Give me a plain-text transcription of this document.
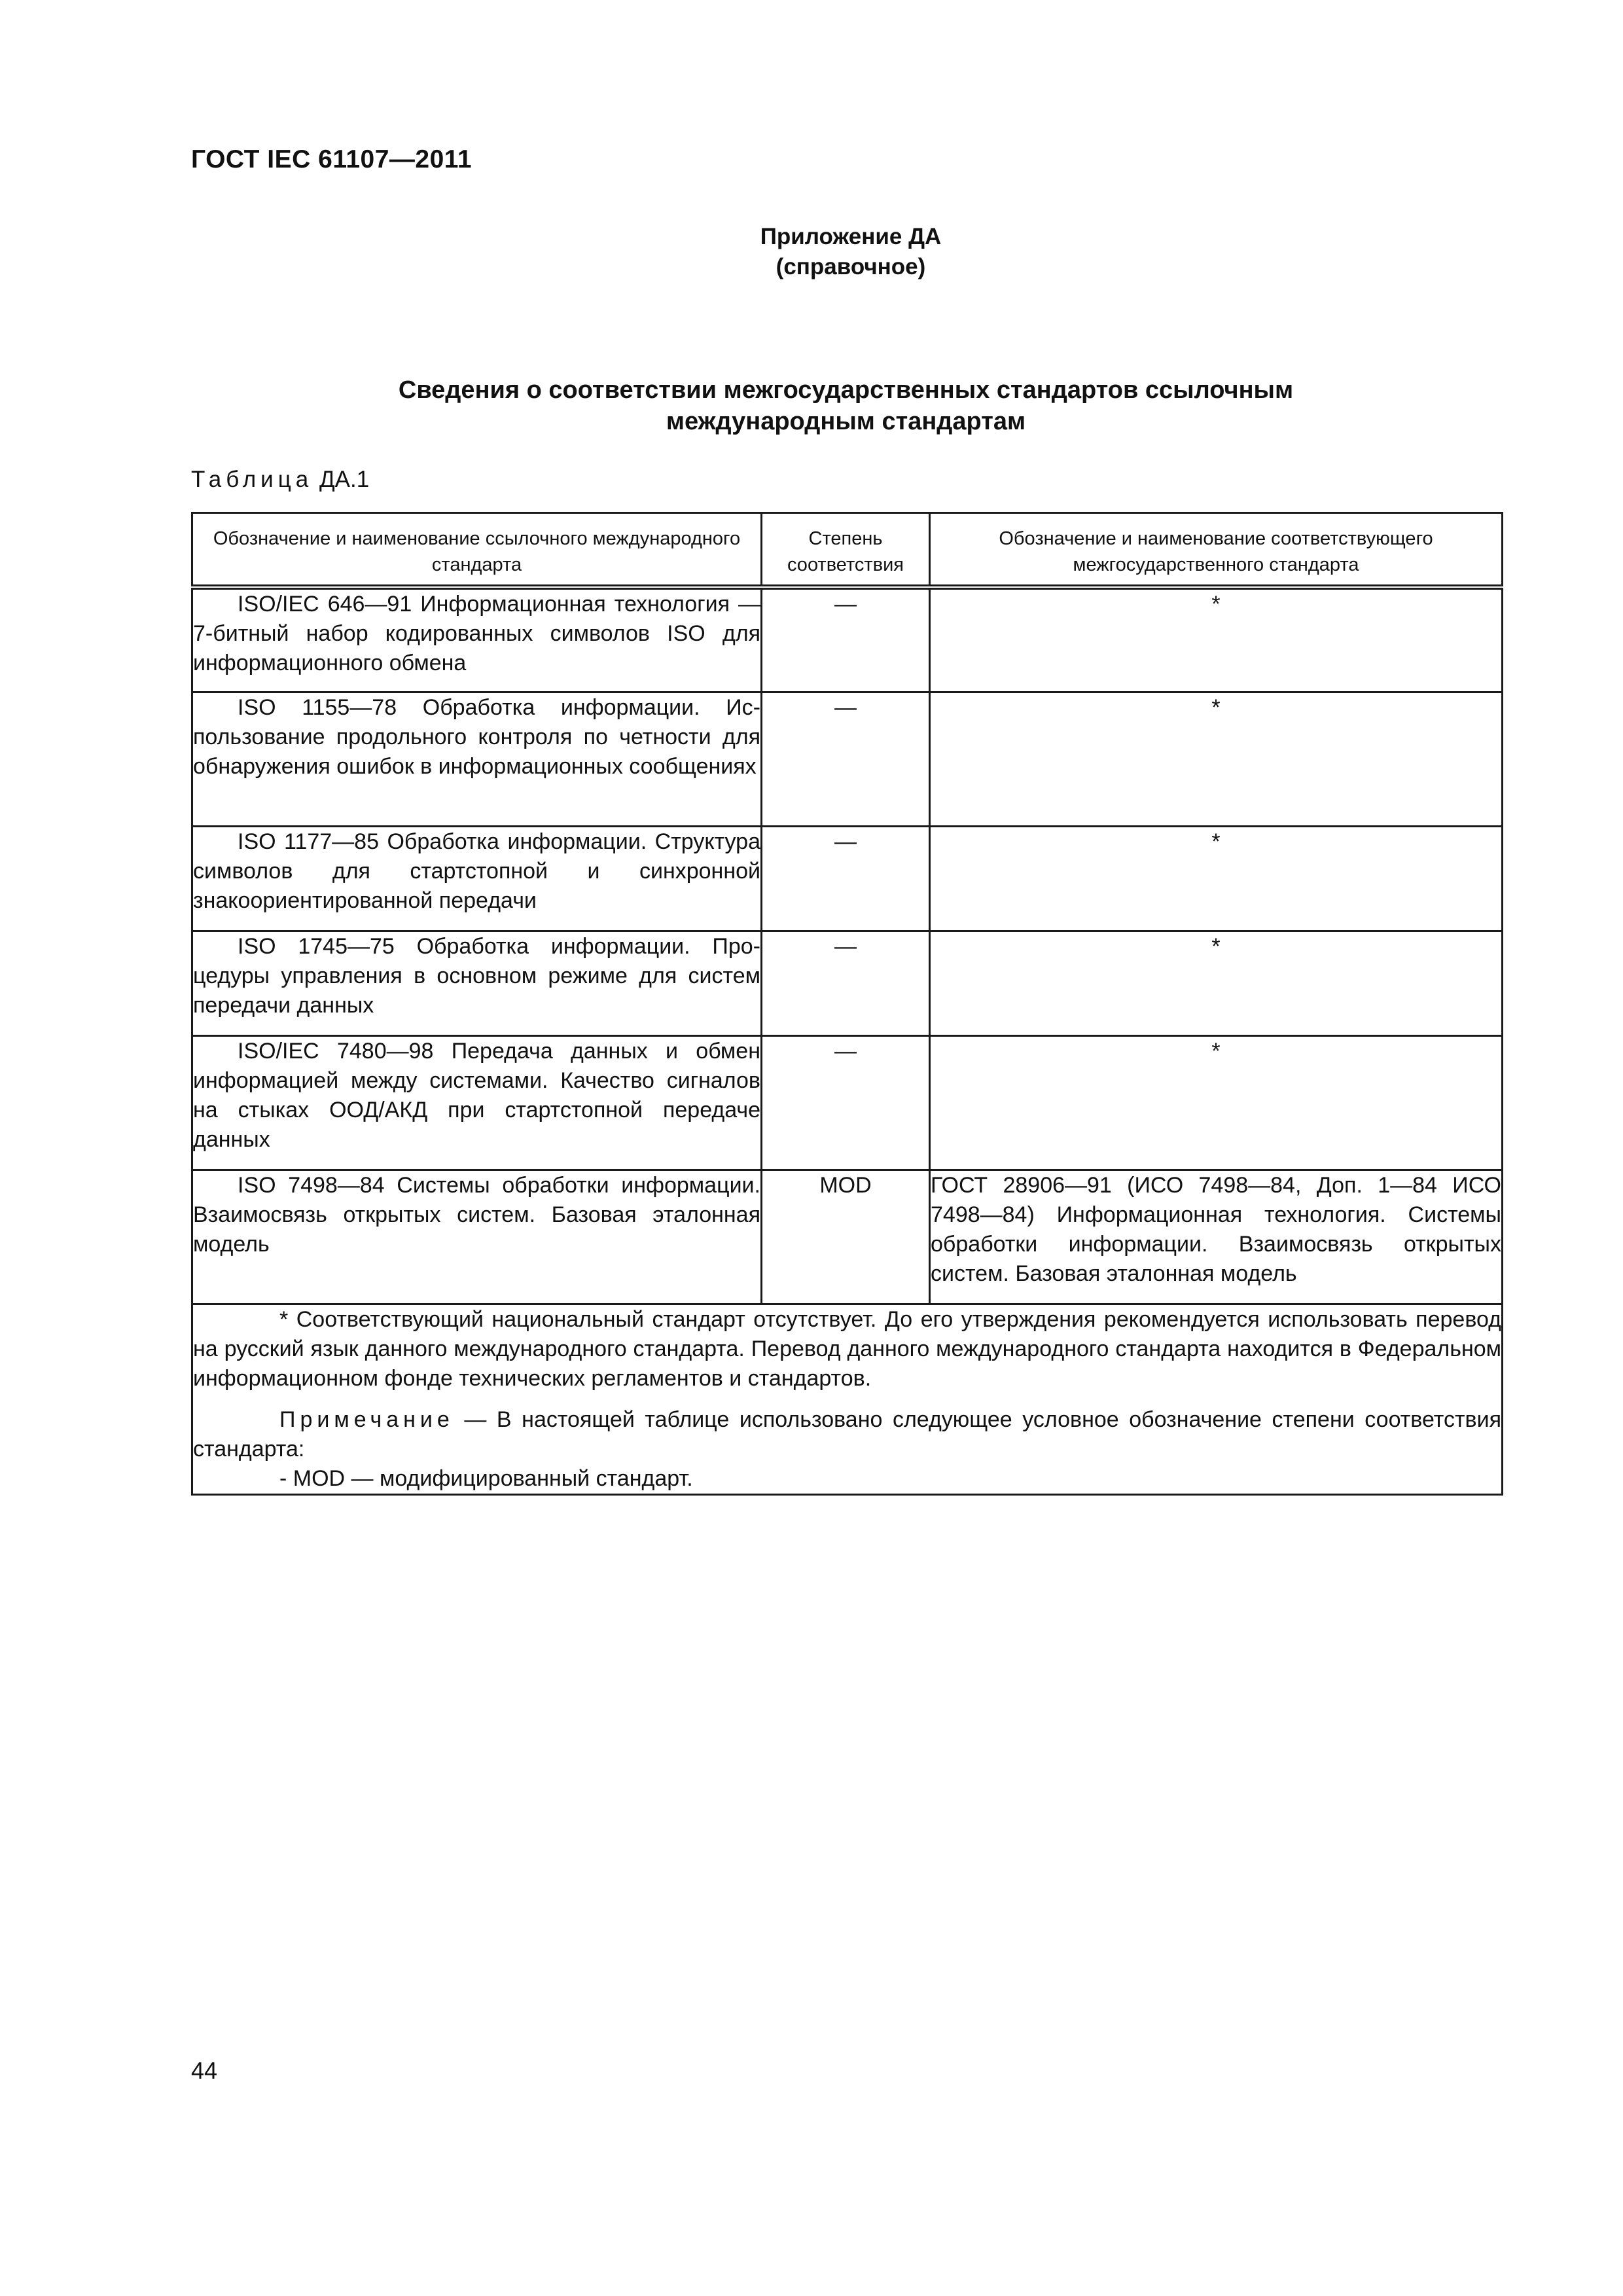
ГОСТ IEC 61107—2011
Приложение ДА
(справочное)
Сведения о соответствии межгосударственных стандартов ссылочным
международным стандартам
Таблица ДА.1
Обозначение и наименование ссылочного международного стандарта	Степень соответствия	Обозначение и наименование соответствующего межгосударственного стандарта

ISO/IEC 646—91 Информационная технология — 7-битный набор кодированных символов ISO для информационного обмена	—	*

ISO 1155—78 Обработка информации. Использование продольного контроля по четности для обнаружения ошибок в информационных сообщениях	—	*

ISO 1177—85 Обработка информации. Структура символов для стартстопной и синхронной знакоориентированной передачи	—	*

ISO 1745—75 Обработка информации. Процедуры управления в основном режиме для систем передачи данных	—	*

ISO/IEC 7480—98 Передача данных и обмен информацией между системами. Качество сигналов на стыках ООД/АКД при стартстопной передаче данных	—	*

ISO 7498—84 Системы обработки информации. Взаимосвязь открытых систем. Базовая эталонная модель	MOD	ГОСТ 28906—91 (ИСО 7498—84, Доп. 1—84 ИСО 7498—84) Информационная технология. Системы обработки информации. Взаимосвязь открытых систем. Базовая эталонная модель

* Соответствующий национальный стандарт отсутствует. До его утверждения рекомендуется использовать перевод на русский язык данного международного стандарта. Перевод данного международного стандарта находится в Федеральном информационном фонде технических регламентов и стандартов.

Примечание — В настоящей таблице использовано следующее условное обозначение степени соответствия стандарта:

- MOD — модифицированный стандарт.		

44
